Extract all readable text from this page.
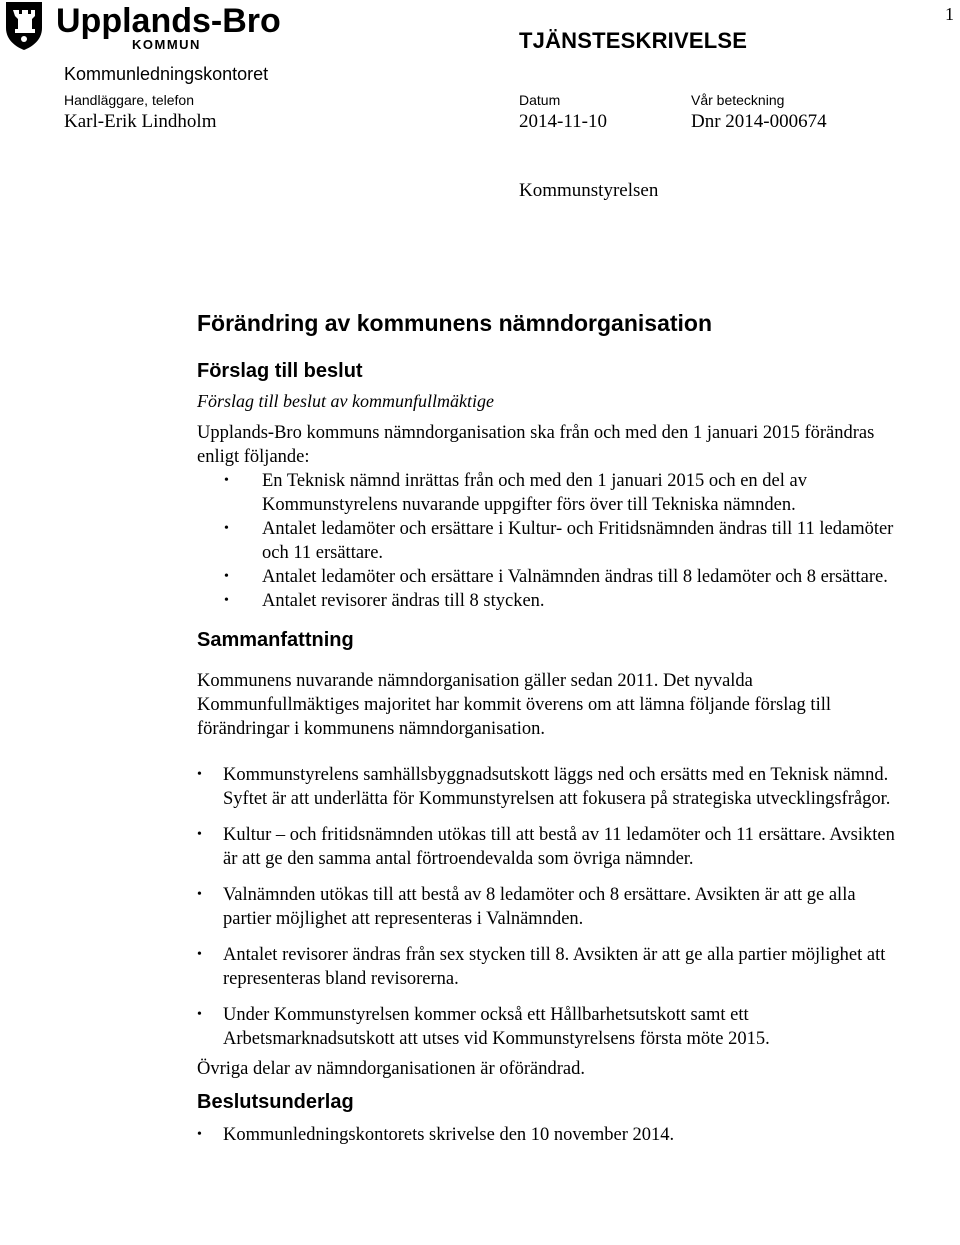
Upplands-Bro
KOMMUN
1
TJÄNSTESKRIVELSE
Kommunledningskontoret
Handläggare, telefon
Karl-Erik Lindholm
Datum
2014-11-10
Vår beteckning
Dnr 2014-000674
Kommunstyrelsen
Förändring av kommunens nämndorganisation
Förslag till beslut
Förslag till beslut av kommunfullmäktige

Upplands-Bro kommuns nämndorganisation ska från och med den 1 januari 2015 förändras enligt följande:

• En Teknisk nämnd inrättas från och med den 1 januari 2015 och en del av Kommunstyrelens nuvarande uppgifter förs över till Tekniska nämnden.
• Antalet ledamöter och ersättare i Kultur- och Fritidsnämnden ändras till 11 ledamöter och 11 ersättare.
• Antalet ledamöter och ersättare i Valnämnden ändras till 8 ledamöter och 8 ersättare.
• Antalet revisorer ändras till 8 stycken.
Sammanfattning

Kommunens nuvarande nämndorganisation gäller sedan 2011. Det nyvalda Kommunfullmäktiges majoritet har kommit överens om att lämna följande förslag till förändringar i kommunens nämndorganisation.

• Kommunstyrelens samhällsbyggnadsutskott läggs ned och ersätts med en Teknisk nämnd. Syftet är att underlätta för Kommunstyrelsen att fokusera på strategiska utvecklingsfrågor.
• Kultur – och fritidsnämnden utökas till att bestå av 11 ledamöter och 11 ersättare. Avsikten är att ge den samma antal förtroendevalda som övriga nämnder.
• Valnämnden utökas till att bestå av 8 ledamöter och 8 ersättare. Avsikten är att ge alla partier möjlighet att representeras i Valnämnden.
• Antalet revisorer ändras från sex stycken till 8. Avsikten är att ge alla partier möjlighet att representeras bland revisorerna.
• Under Kommunstyrelsen kommer också ett Hållbarhetsutskott samt ett Arbetsmarknadsutskott att utses vid Kommunstyrelsens första möte 2015.

Övriga delar av nämndorganisationen är oförändrad.

Beslutsunderlag
• Kommunledningskontorets skrivelse den 10 november 2014.
